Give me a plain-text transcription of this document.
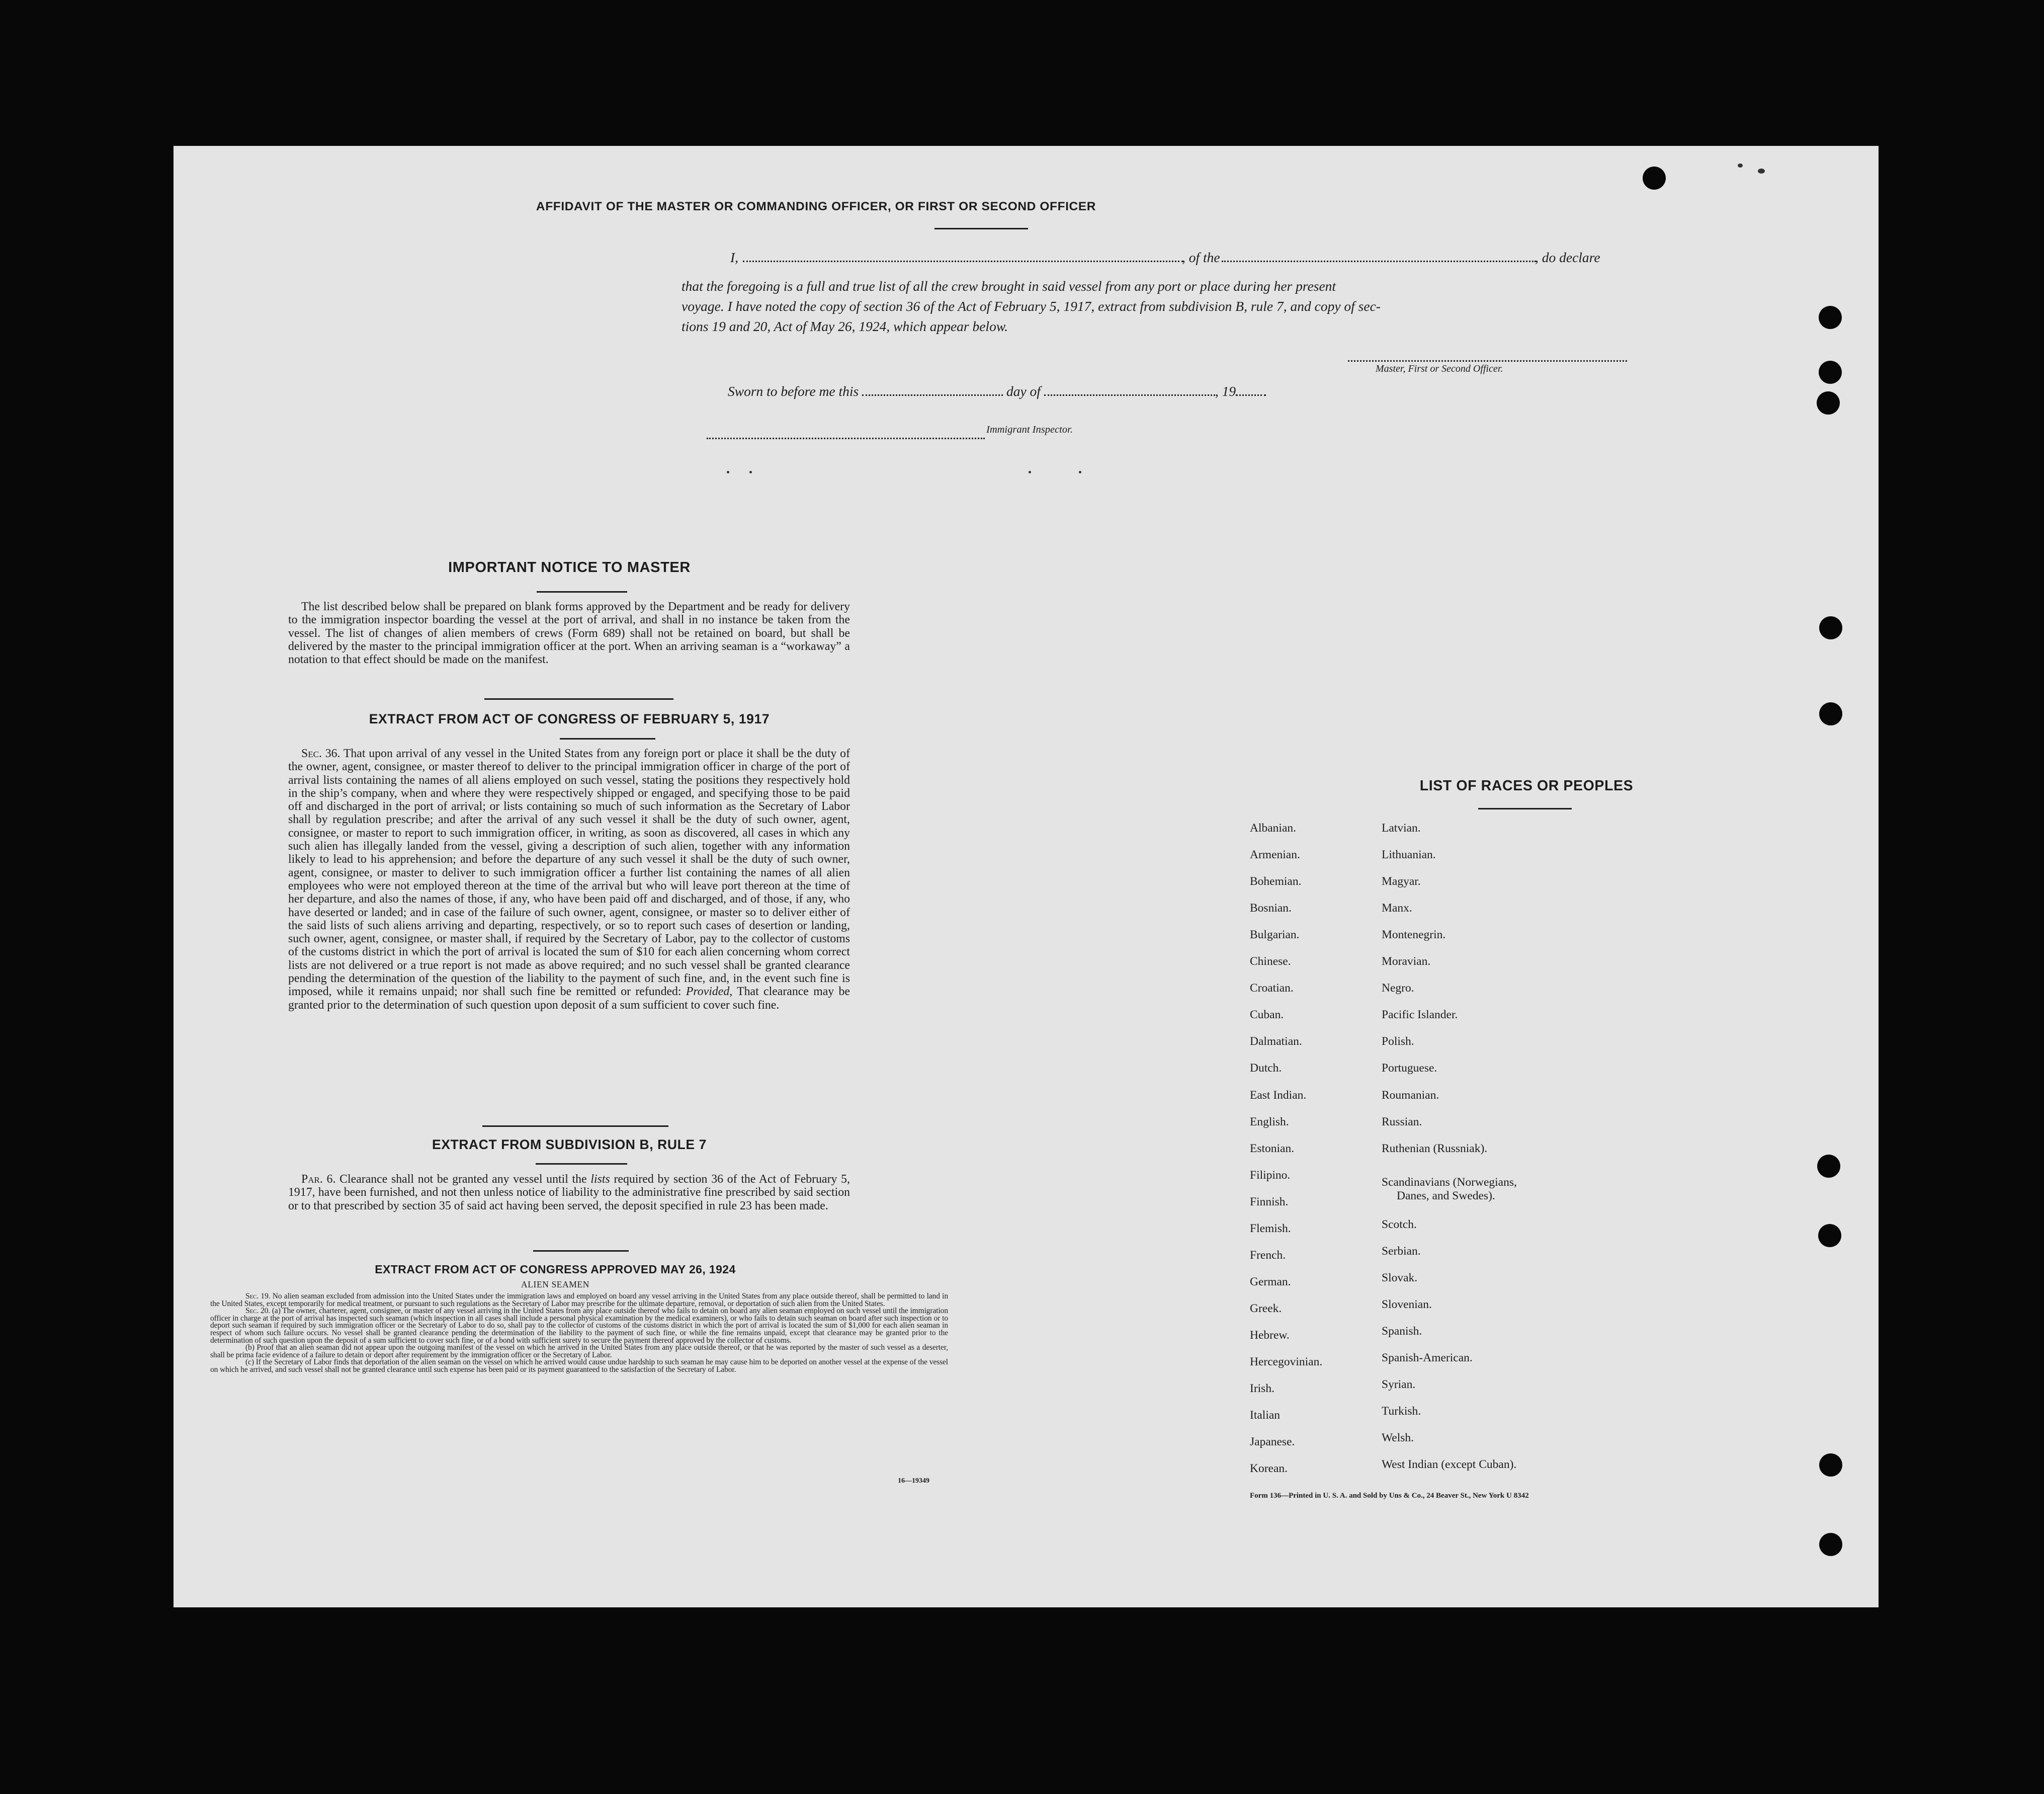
AFFIDAVIT OF THE MASTER OR COMMANDING OFFICER, OR FIRST OR SECOND OFFICER
I,	, of the	, do declare
that the foregoing is a full and true list of all the crew brought in said vessel from any port or place during her present
voyage. I have noted the copy of section 36 of the Act of February 5, 1917, extract from subdivision B, rule 7, and copy of sec-
tions 19 and 20, Act of May 26, 1924, which appear below.
Master, First or Second Officer.
Sworn to before me this	day of	, 19
Immigrant Inspector.
IMPORTANT NOTICE TO MASTER
The list described below shall be prepared on blank forms approved by the Department and be ready for delivery to the immigration inspector boarding the vessel at the port of arrival, and shall in no instance be taken from the vessel. The list of changes of alien members of crews (Form 689) shall not be retained on board, but shall be delivered by the master to the principal immigration officer at the port. When an arriving seaman is a “workaway” a notation to that effect should be made on the manifest.
EXTRACT FROM ACT OF CONGRESS OF FEBRUARY 5, 1917
Sec. 36. That upon arrival of any vessel in the United States from any foreign port or place it shall be the duty of the owner, agent, consignee, or master thereof to deliver to the principal immigration officer in charge of the port of arrival lists containing the names of all aliens employed on such vessel, stating the positions they respectively hold in the ship’s company, when and where they were respectively shipped or engaged, and specifying those to be paid off and discharged in the port of arrival; or lists containing so much of such information as the Secretary of Labor shall by regulation prescribe; and after the arrival of any such vessel it shall be the duty of such owner, agent, consignee, or master to report to such immigration officer, in writing, as soon as discovered, all cases in which any such alien has illegally landed from the vessel, giving a description of such alien, together with any information likely to lead to his apprehension; and before the departure of any such vessel it shall be the duty of such owner, agent, consignee, or master to deliver to such immigration officer a further list containing the names of all alien employees who were not employed thereon at the time of the arrival but who will leave port thereon at the time of her departure, and also the names of those, if any, who have been paid off and discharged, and of those, if any, who have deserted or landed; and in case of the failure of such owner, agent, consignee, or master so to deliver either of the said lists of such aliens arriving and departing, respectively, or so to report such cases of desertion or landing, such owner, agent, consignee, or master shall, if required by the Secretary of Labor, pay to the collector of customs of the customs district in which the port of arrival is located the sum of $10 for each alien concerning whom correct lists are not delivered or a true report is not made as above required; and no such vessel shall be granted clearance pending the determination of the question of the liability to the payment of such fine, and, in the event such fine is imposed, while it remains unpaid; nor shall such fine be remitted or refunded: Provided, That clearance may be granted prior to the determination of such question upon deposit of a sum sufficient to cover such fine.
EXTRACT FROM SUBDIVISION B, RULE 7
Par. 6. Clearance shall not be granted any vessel until the lists required by section 36 of the Act of February 5, 1917, have been furnished, and not then unless notice of liability to the administrative fine prescribed by said section or to that prescribed by section 35 of said act having been served, the deposit specified in rule 23 has been made.
EXTRACT FROM ACT OF CONGRESS APPROVED MAY 26, 1924
ALIEN SEAMEN
Sec. 19. No alien seaman excluded from admission into the United States under the immigration laws and employed on board any vessel arriving in the United States from any place outside thereof, shall be permitted to land in the United States, except temporarily for medical treatment, or pursuant to such regulations as the Secretary of Labor may prescribe for the ultimate departure, removal, or deportation of such alien from the United States.
Sec. 20. (a) The owner, charterer, agent, consignee, or master of any vessel arriving in the United States from any place outside thereof who fails to detain on board any alien seaman employed on such vessel until the immigration officer in charge at the port of arrival has inspected such seaman (which inspection in all cases shall include a personal physical examination by the medical examiners), or who fails to detain such seaman on board after such inspection or to deport such seaman if required by such immigration officer or the Secretary of Labor to do so, shall pay to the collector of customs of the customs district in which the port of arrival is located the sum of $1,000 for each alien seaman in respect of whom such failure occurs. No vessel shall be granted clearance pending the determination of the liability to the payment of such fine, or while the fine remains unpaid, except that clearance may be granted prior to the determination of such question upon the deposit of a sum sufficient to cover such fine, or of a bond with sufficient surety to secure the payment thereof approved by the collector of customs.
(b) Proof that an alien seaman did not appear upon the outgoing manifest of the vessel on which he arrived in the United States from any place outside thereof, or that he was reported by the master of such vessel as a deserter, shall be prima facie evidence of a failure to detain or deport after requirement by the immigration officer or the Secretary of Labor.
(c) If the Secretary of Labor finds that deportation of the alien seaman on the vessel on which he arrived would cause undue hardship to such seaman he may cause him to be deported on another vessel at the expense of the vessel on which he arrived, and such vessel shall not be granted clearance until such expense has been paid or its payment guaranteed to the satisfaction of the Secretary of Labor.
16—19349
LIST OF RACES OR PEOPLES
Albanian.
Armenian.
Bohemian.
Bosnian.
Bulgarian.
Chinese.
Croatian.
Cuban.
Dalmatian.
Dutch.
East Indian.
English.
Estonian.
Filipino.
Finnish.
Flemish.
French.
German.
Greek.
Hebrew.
Hercegovinian.
Irish.
Italian
Japanese.
Korean.
Latvian.
Lithuanian.
Magyar.
Manx.
Montenegrin.
Moravian.
Negro.
Pacific Islander.
Polish.
Portuguese.
Roumanian.
Russian.
Ruthenian (Russniak).
Scandinavians (Norwegians,
Danes, and Swedes).
Scotch.
Serbian.
Slovak.
Slovenian.
Spanish.
Spanish-American.
Syrian.
Turkish.
Welsh.
West Indian (except Cuban).
Form 136—Printed in U. S. A. and Sold by Uns & Co., 24 Beaver St., New York U 8342
